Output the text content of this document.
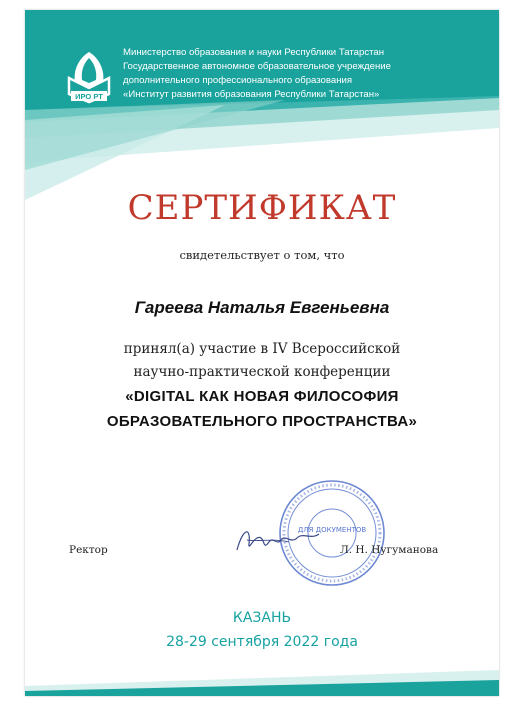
ИРО РТ
Министерство образования и науки Республики Татарстан
Государственное автономное образовательное учреждение
дополнительного профессионального образования
«Институт развития образования Республики Татарстан»
СЕРТИФИКАТ
свидетельствует о том, что
Гареева Наталья Евгеньевна
принял(а) участие в IV Всероссийской
научно-практической конференции
«DIGITAL КАК НОВАЯ ФИЛОСОФИЯ
ОБРАЗОВАТЕЛЬНОГО ПРОСТРАНСТВА»
ДЛЯ ДОКУМЕНТОВ
Ректор	Л. Н. Нугуманова
КАЗАНЬ
28-29 сентября 2022 года
